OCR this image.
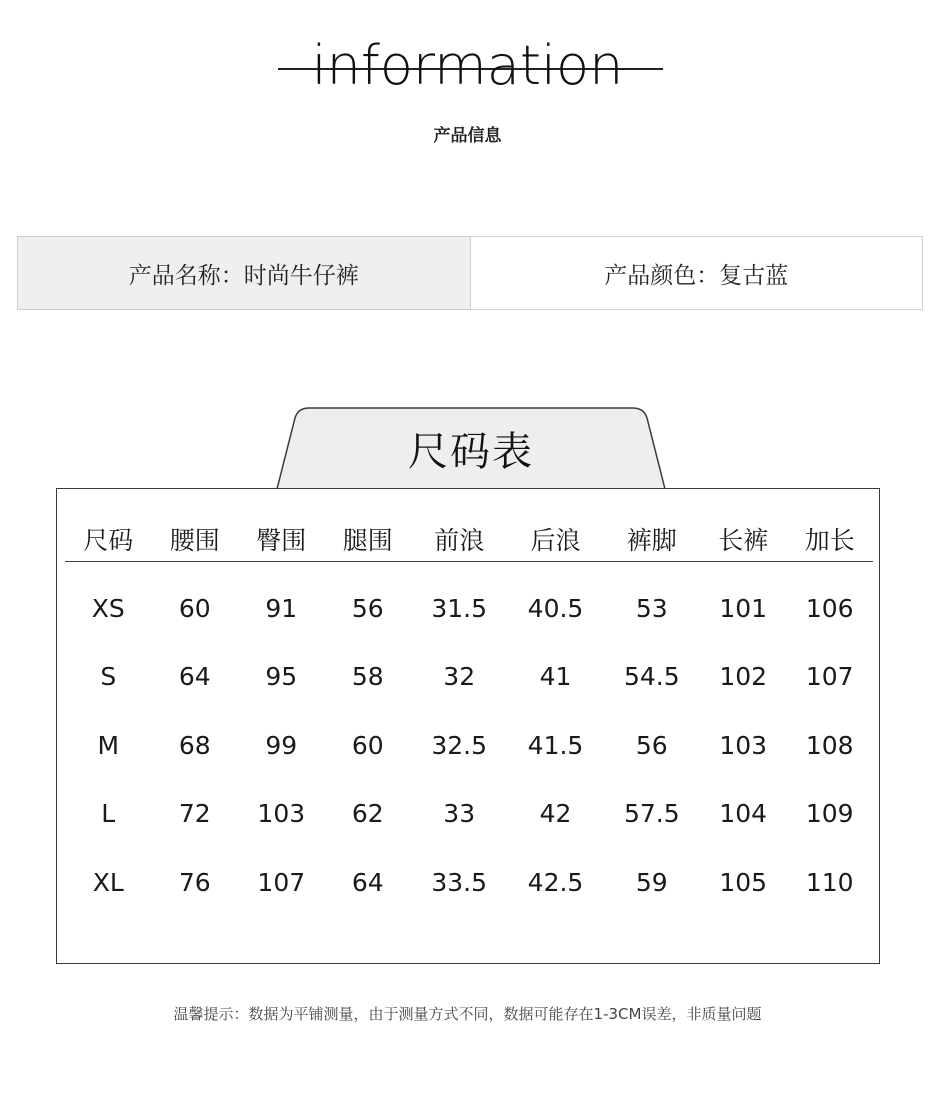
information
产品信息
产品名称：时尚牛仔裤	产品颜色：复古蓝
尺码表
尺码	腰围	臀围	腿围	前浪	后浪	裤脚	长裤	加长
XS	60	91	56	31.5	40.5	53	101	106
S	64	95	58	32	41	54.5	102	107
M	68	99	60	32.5	41.5	56	103	108
L	72	103	62	33	42	57.5	104	109
XL	76	107	64	33.5	42.5	59	105	110
温馨提示：数据为平铺测量，由于测量方式不同，数据可能存在1-3CM误差，非质量问题
